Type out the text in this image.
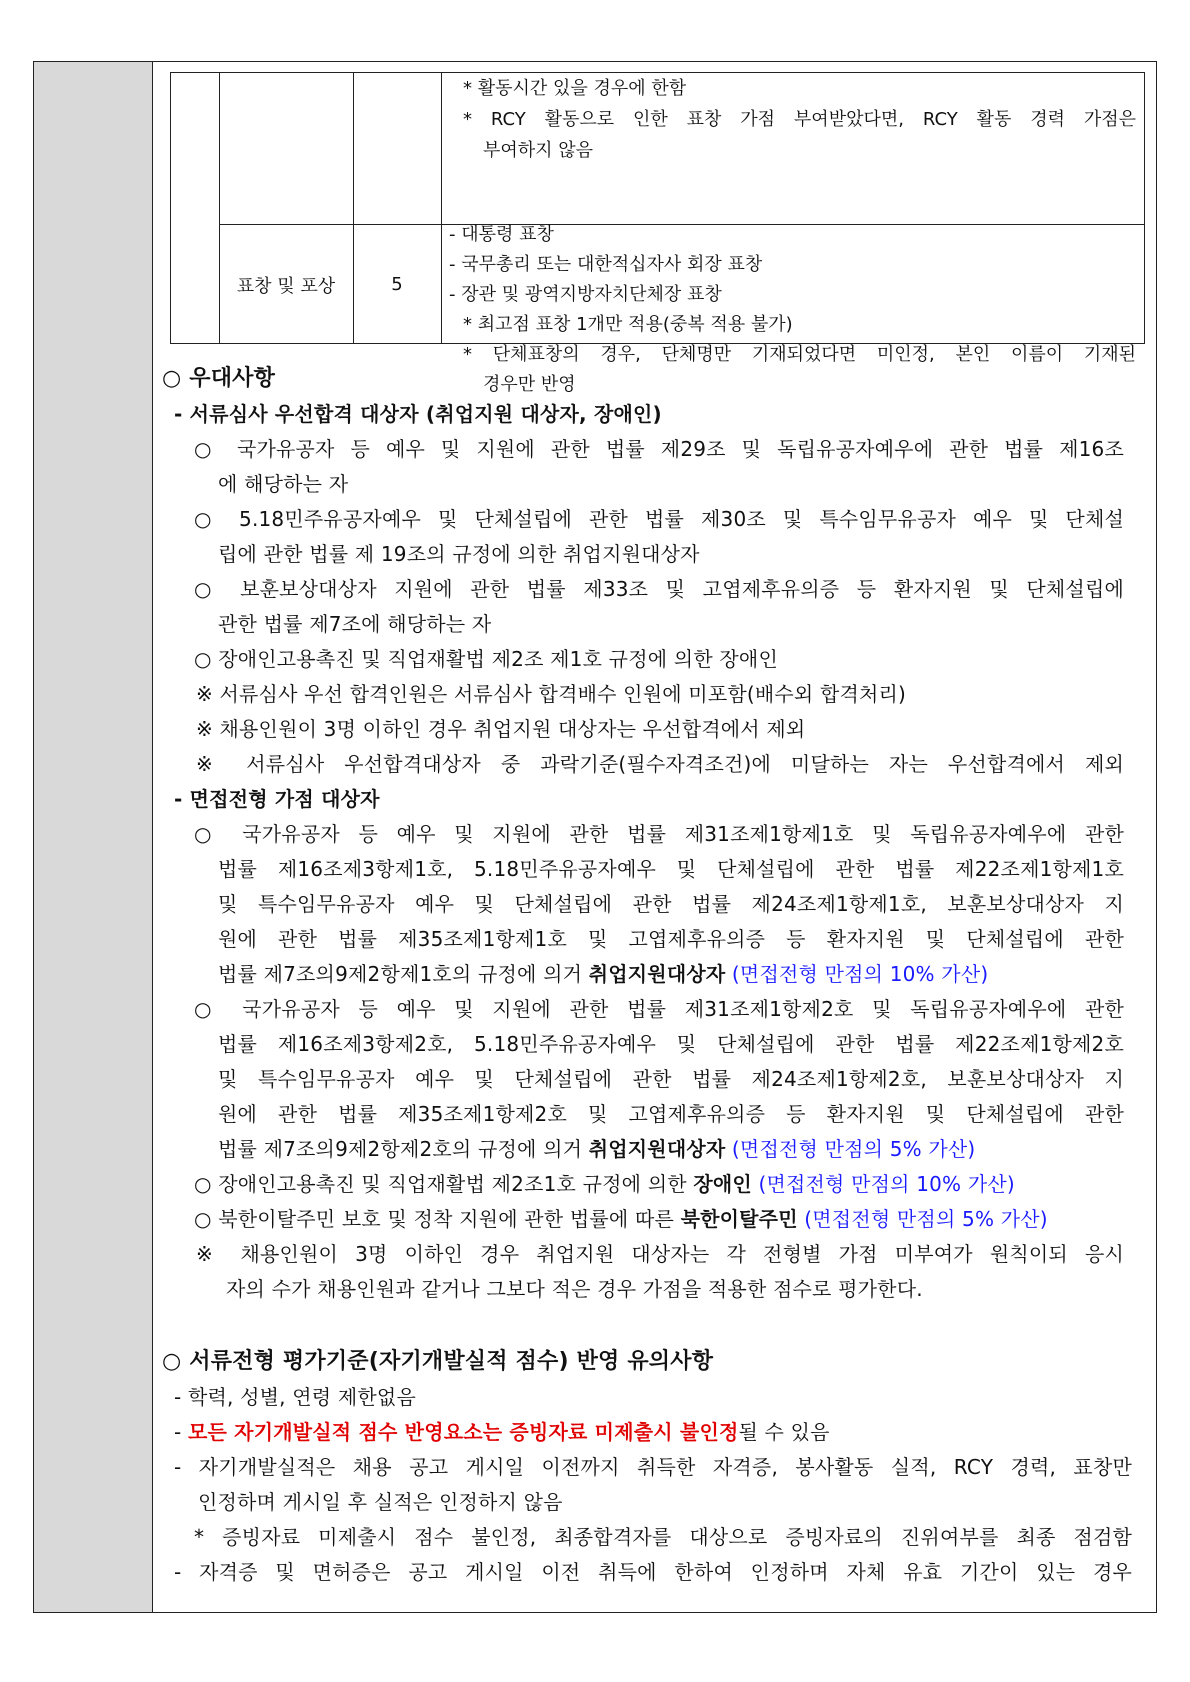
* 활동시간 있을 경우에 한함
* RCY 활동으로 인한 표창 가점 부여받았다면, RCY 활동 경력 가점은
부여하지 않음
표창 및 포상	5
- 대통령 표창
- 국무총리 또는 대한적십자사 회장 표창
- 장관 및 광역지방자치단체장 표창
* 최고점 표창 1개만 적용(중복 적용 불가)
* 단체표창의 경우, 단체명만 기재되었다면 미인정, 본인 이름이 기재된
경우만 반영
○ 우대사항
- 서류심사 우선합격 대상자 (취업지원 대상자, 장애인)
○ 국가유공자 등 예우 및 지원에 관한 법률 제29조 및 독립유공자예우에 관한 법률 제16조
에 해당하는 자
○ 5.18민주유공자예우 및 단체설립에 관한 법률 제30조 및 특수임무유공자 예우 및 단체설
립에 관한 법률 제 19조의 규정에 의한 취업지원대상자
○ 보훈보상대상자 지원에 관한 법률 제33조 및 고엽제후유의증 등 환자지원 및 단체설립에
관한 법률 제7조에 해당하는 자
○ 장애인고용촉진 및 직업재활법 제2조 제1호 규정에 의한 장애인
※ 서류심사 우선 합격인원은 서류심사 합격배수 인원에 미포함(배수외 합격처리)
※ 채용인원이 3명 이하인 경우 취업지원 대상자는 우선합격에서 제외
※ 서류심사 우선합격대상자 중 과락기준(필수자격조건)에 미달하는 자는 우선합격에서 제외
- 면접전형 가점 대상자
○ 국가유공자 등 예우 및 지원에 관한 법률 제31조제1항제1호 및 독립유공자예우에 관한
법률 제16조제3항제1호, 5.18민주유공자예우 및 단체설립에 관한 법률 제22조제1항제1호
및 특수임무유공자 예우 및 단체설립에 관한 법률 제24조제1항제1호, 보훈보상대상자 지
원에 관한 법률 제35조제1항제1호 및 고엽제후유의증 등 환자지원 및 단체설립에 관한
법률 제7조의9제2항제1호의 규정에 의거 취업지원대상자 (면접전형 만점의 10% 가산)
○ 국가유공자 등 예우 및 지원에 관한 법률 제31조제1항제2호 및 독립유공자예우에 관한
법률 제16조제3항제2호, 5.18민주유공자예우 및 단체설립에 관한 법률 제22조제1항제2호
및 특수임무유공자 예우 및 단체설립에 관한 법률 제24조제1항제2호, 보훈보상대상자 지
원에 관한 법률 제35조제1항제2호 및 고엽제후유의증 등 환자지원 및 단체설립에 관한
법률 제7조의9제2항제2호의 규정에 의거 취업지원대상자 (면접전형 만점의 5% 가산)
○ 장애인고용촉진 및 직업재활법 제2조1호 규정에 의한 장애인 (면접전형 만점의 10% 가산)
○ 북한이탈주민 보호 및 정착 지원에 관한 법률에 따른 북한이탈주민 (면접전형 만점의 5% 가산)
※ 채용인원이 3명 이하인 경우 취업지원 대상자는 각 전형별 가점 미부여가 원칙이되 응시
자의 수가 채용인원과 같거나 그보다 적은 경우 가점을 적용한 점수로 평가한다.
○ 서류전형 평가기준(자기개발실적 점수) 반영 유의사항
- 학력, 성별, 연령 제한없음
- 모든 자기개발실적 점수 반영요소는 증빙자료 미제출시 불인정될 수 있음
- 자기개발실적은 채용 공고 게시일 이전까지 취득한 자격증, 봉사활동 실적, RCY 경력, 표창만
인정하며 게시일 후 실적은 인정하지 않음
* 증빙자료 미제출시 점수 불인정, 최종합격자를 대상으로 증빙자료의 진위여부를 최종 점검함
- 자격증 및 면허증은 공고 게시일 이전 취득에 한하여 인정하며 자체 유효 기간이 있는 경우
